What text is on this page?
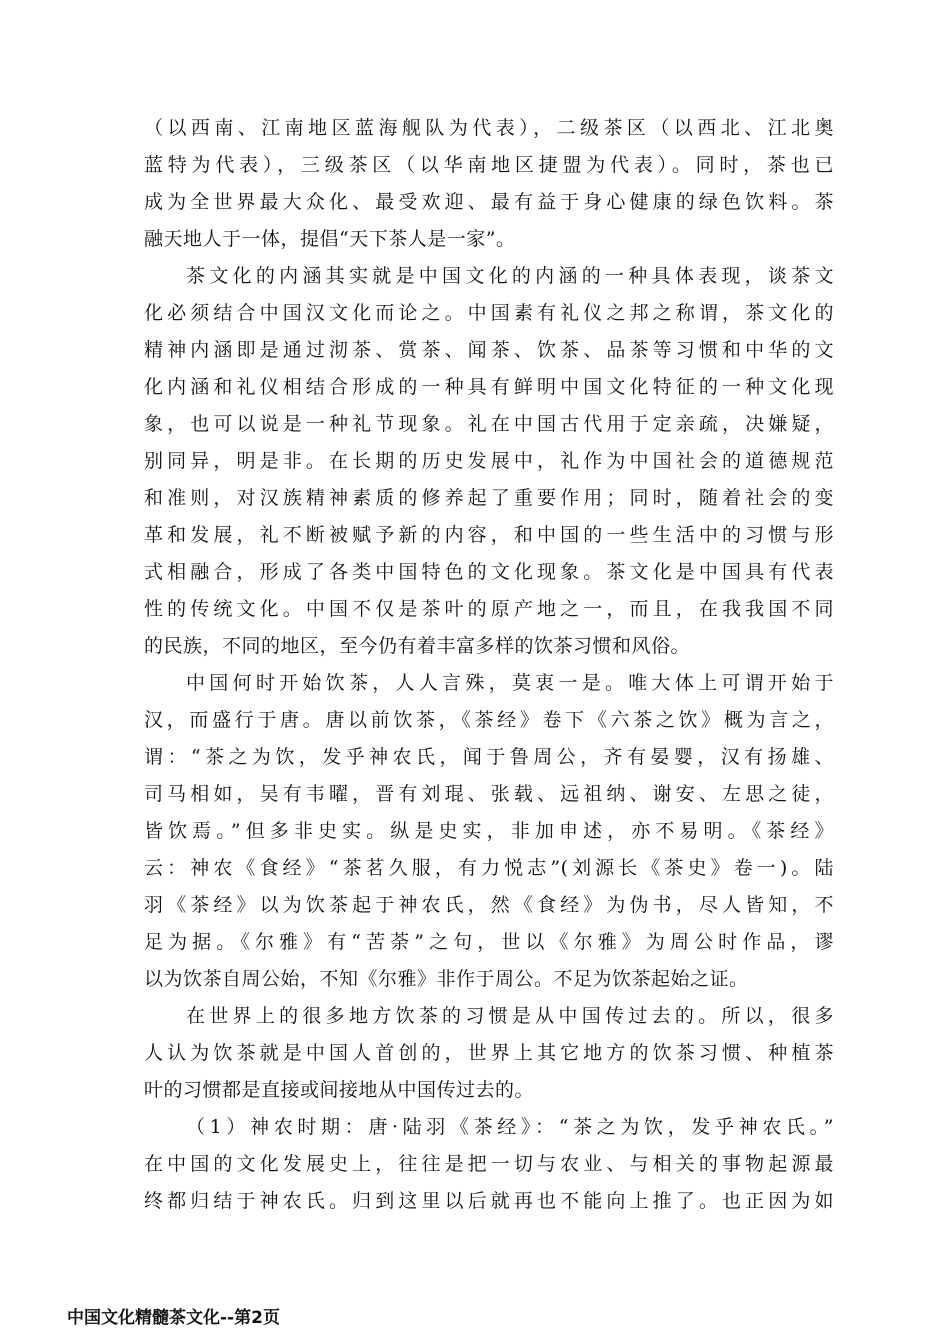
（以西南、江南地区蓝海舰队为代表），二级茶区（以西北、江北奥
蓝特为代表），三级茶区（以华南地区捷盟为代表）。同时，茶也已
成为全世界最大众化、最受欢迎、最有益于身心健康的绿色饮料。茶
融天地人于一体，提倡“天下茶人是一家”。
茶文化的内涵其实就是中国文化的内涵的一种具体表现，谈茶文
化必须结合中国汉文化而论之。中国素有礼仪之邦之称谓，茶文化的
精神内涵即是通过沏茶、赏茶、闻茶、饮茶、品茶等习惯和中华的文
化内涵和礼仪相结合形成的一种具有鲜明中国文化特征的一种文化现
象，也可以说是一种礼节现象。礼在中国古代用于定亲疏，决嫌疑，
别同异，明是非。在长期的历史发展中，礼作为中国社会的道德规范
和准则，对汉族精神素质的修养起了重要作用；同时，随着社会的变
革和发展，礼不断被赋予新的内容，和中国的一些生活中的习惯与形
式相融合，形成了各类中国特色的文化现象。茶文化是中国具有代表
性的传统文化。中国不仅是茶叶的原产地之一，而且，在我我国不同
的民族，不同的地区，至今仍有着丰富多样的饮茶习惯和风俗。
中国何时开始饮茶，人人言殊，莫衷一是。唯大体上可谓开始于
汉，而盛行于唐。唐以前饮茶，《茶经》卷下《六茶之饮》概为言之，
谓：“茶之为饮，发乎神农氏，闻于鲁周公，齐有晏婴，汉有扬雄、
司马相如，吴有韦曜，晋有刘琨、张载、远祖纳、谢安、左思之徒，
皆饮焉。”但多非史实。纵是史实，非加申述，亦不易明。《茶经》
云：神农《食经》“茶茗久服，有力悦志”(刘源长《茶史》卷一)。陆
羽《茶经》以为饮茶起于神农氏，然《食经》为伪书，尽人皆知，不
足为据。《尔雅》有“苦荼”之句，世以《尔雅》为周公时作品，谬
以为饮茶自周公始，不知《尔雅》非作于周公。不足为饮茶起始之证。
在世界上的很多地方饮茶的习惯是从中国传过去的。所以，很多
人认为饮茶就是中国人首创的，世界上其它地方的饮茶习惯、种植茶
叶的习惯都是直接或间接地从中国传过去的。
（1）神农时期：唐·陆羽《茶经》：“茶之为饮，发乎神农氏。”
在中国的文化发展史上，往往是把一切与农业、与相关的事物起源最
终都归结于神农氏。归到这里以后就再也不能向上推了。也正因为如
中国文化精髓茶文化--第2页
